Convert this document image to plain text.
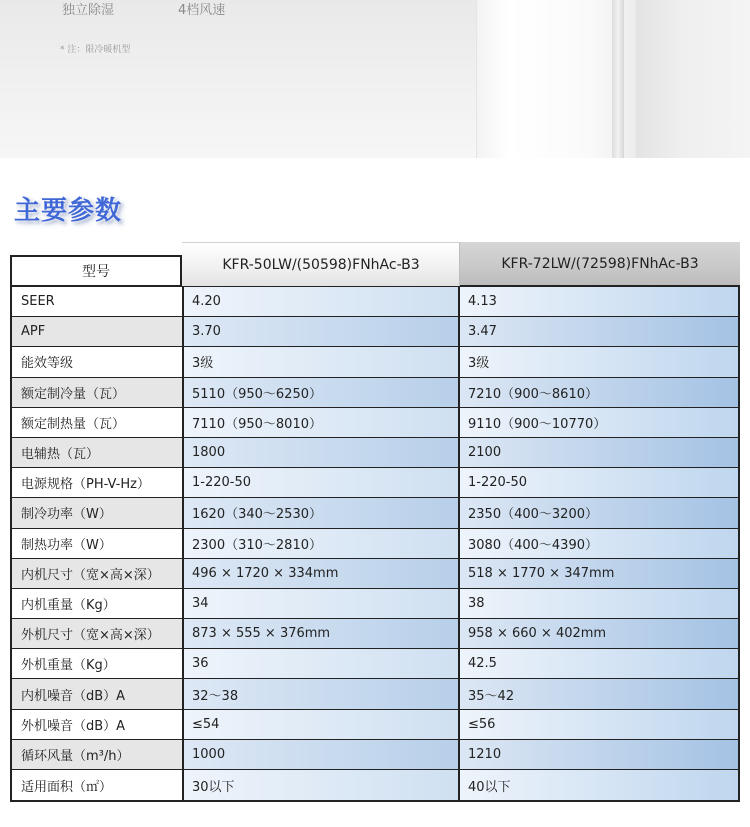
独立除湿	4档风速
* 注：限冷暖机型
主要参数
型号	KFR-50LW/(50598)FNhAc-B3	KFR-72LW/(72598)FNhAc-B3
SEER	4.20	4.13
APF	3.70	3.47
能效等级	3级	3级
额定制冷量（瓦）	5110（950～6250）	7210（900～8610）
额定制热量（瓦）	7110（950～8010）	9110（900～10770）
电辅热（瓦）	1800	2100
电源规格（PH-V-Hz）	1-220-50	1-220-50
制冷功率（W）	1620（340～2530）	2350（400～3200）
制热功率（W）	2300（310～2810）	3080（400～4390）
内机尺寸（宽×高×深）	496 × 1720 × 334mm	518 × 1770 × 347mm
内机重量（Kg）	34	38
外机尺寸（宽×高×深）	873 × 555 × 376mm	958 × 660 × 402mm
外机重量（Kg）	36	42.5
内机噪音（dB）A	32～38	35～42
外机噪音（dB）A	≤54	≤56
循环风量（m³/h）	1000	1210
适用面积（㎡）	30以下	40以下
